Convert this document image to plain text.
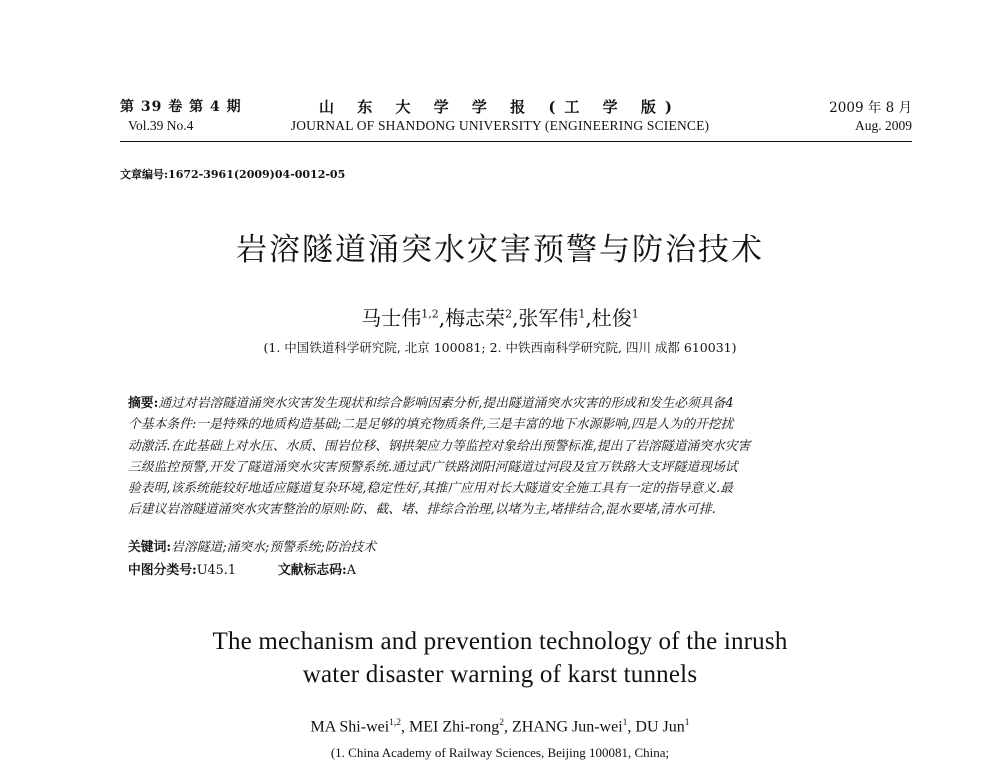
第 39 卷 第 4 期
Vol.39 No.4
山 东 大 学 学 报 (工 学 版)
JOURNAL OF SHANDONG UNIVERSITY (ENGINEERING SCIENCE)
2009 年 8 月
Aug. 2009
文章编号:1672-3961(2009)04-0012-05
岩溶隧道涌突水灾害预警与防治技术
马士伟$^{1,2}$,梅志荣$^2$,张军伟$^1$,杜俊$^1$
(1. 中国铁道科学研究院, 北京 100081; 2. 中铁西南科学研究院, 四川 成都 610031)
摘要:通过对岩溶隧道涌突水灾害发生现状和综合影响因素分析,提出隧道涌突水灾害的形成和发生必须具备4
个基本条件:一是特殊的地质构造基础;二是足够的填充物质条件,三是丰富的地下水源影响,四是人为的开挖扰
动激活.在此基础上对水压、水质、围岩位移、钢拱架应力等监控对象给出预警标准,提出了岩溶隧道涌突水灾害
三级监控预警,开发了隧道涌突水灾害预警系统.通过武广铁路浏阳河隧道过河段及宜万铁路大支坪隧道现场试
验表明,该系统能较好地适应隧道复杂环境,稳定性好,其推广应用对长大隧道安全施工具有一定的指导意义.最
后建议岩溶隧道涌突水灾害整治的原则:防、截、堵、排综合治理,以堵为主,堵排结合,混水要堵,清水可排.
关键词:岩溶隧道;涌突水;预警系统;防治技术
中图分类号:U45.1	文献标志码:A
The mechanism and prevention technology of the inrush
water disaster warning of karst tunnels
MA Shi-wei$^{1,2}$, MEI Zhi-rong$^2$, ZHANG Jun-wei$^1$, DU Jun$^1$
(1. China Academy of Railway Sciences, Beijing 100081, China;
